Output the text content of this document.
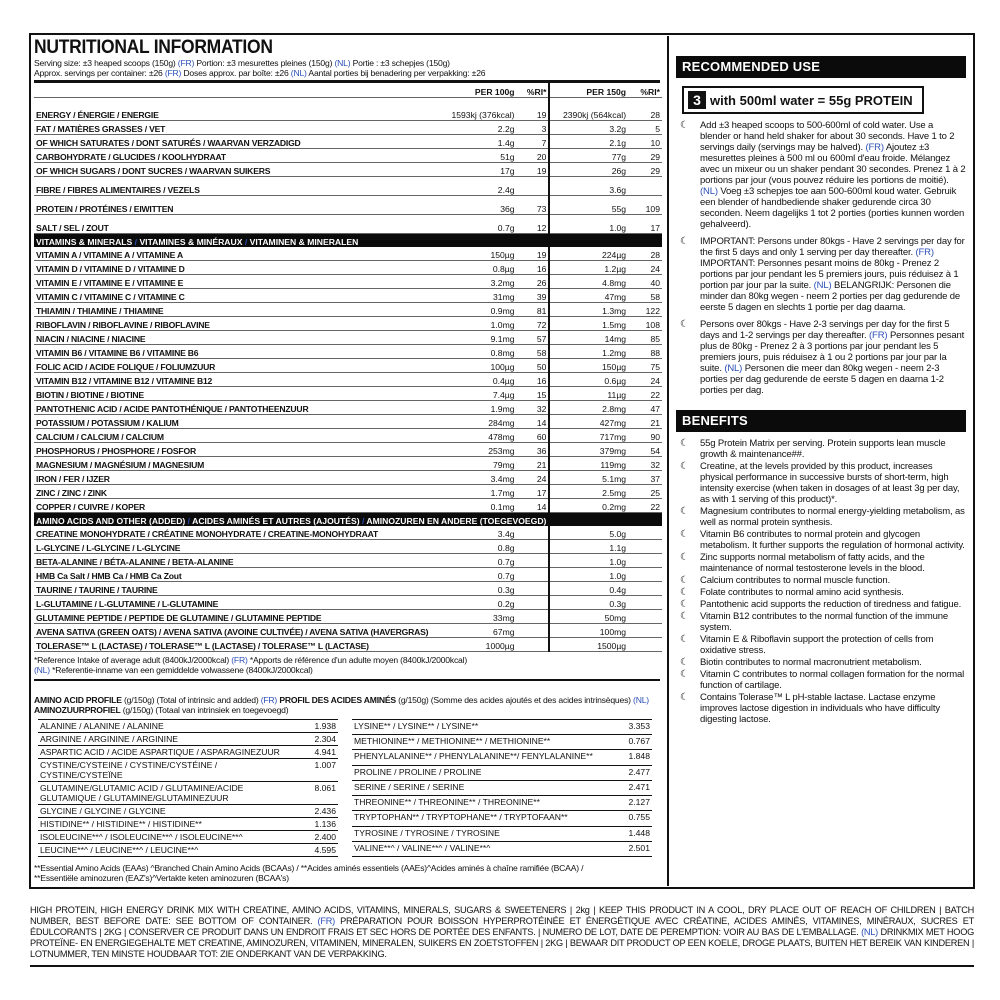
NUTRITIONAL INFORMATION
Serving size: ±3 heaped scoops (150g) (FR) Portion: ±3 mesurettes pleines (150g) (NL) Portie : ±3 schepjes (150g)
Approx. servings per container: ±26 (FR) Doses approx. par boîte: ±26 (NL) Aantal porties bij benadering per verpakking: ±26
	PER 100g	%RI*	PER 150g	%RI*
ENERGY / ÉNERGIE / ENERGIE	1593kj (376kcal)	19	2390kj (564kcal)	28
FAT / MATIÈRES GRASSES / VET	2.2g	3	3.2g	5
OF WHICH SATURATES / DONT SATURÉS / WAARVAN VERZADIGD	1.4g	7	2.1g	10
CARBOHYDRATE / GLUCIDES / KOOLHYDRAAT	51g	20	77g	29
OF WHICH SUGARS / DONT SUCRES / WAARVAN SUIKERS	17g	19	26g	29
FIBRE / FIBRES ALIMENTAIRES / VEZELS	2.4g		3.6g	
PROTEIN / PROTÉINES / EIWITTEN	36g	73	55g	109
SALT / SEL / ZOUT	0.7g	12	1.0g	17
VITAMINS & MINERALS / VITAMINES & MINÉRAUX / VITAMINEN & MINERALEN				
VITAMIN A / VITAMINE A / VITAMINE A	150µg	19	224µg	28
VITAMIN D / VITAMINE D / VITAMINE D	0.8µg	16	1.2µg	24
VITAMIN E / VITAMINE E / VITAMINE E	3.2mg	26	4.8mg	40
VITAMIN C / VITAMINE C / VITAMINE C	31mg	39	47mg	58
THIAMIN / THIAMINE / THIAMINE	0.9mg	81	1.3mg	122
RIBOFLAVIN / RIBOFLAVINE / RIBOFLAVINE	1.0mg	72	1.5mg	108
NIACIN / NIACINE / NIACINE	9.1mg	57	14mg	85
VITAMIN B6 / VITAMINE B6 / VITAMINE B6	0.8mg	58	1.2mg	88
FOLIC ACID / ACIDE FOLIQUE / FOLIUMZUUR	100µg	50	150µg	75
VITAMIN B12 / VITAMINE B12 / VITAMINE B12	0.4µg	16	0.6µg	24
BIOTIN / BIOTINE / BIOTINE	7.4µg	15	11µg	22
PANTOTHENIC ACID / ACIDE PANTOTHÉNIQUE / PANTOTHEENZUUR	1.9mg	32	2.8mg	47
POTASSIUM / POTASSIUM / KALIUM	284mg	14	427mg	21
CALCIUM / CALCIUM / CALCIUM	478mg	60	717mg	90
PHOSPHORUS / PHOSPHORE / FOSFOR	253mg	36	379mg	54
MAGNESIUM / MAGNÉSIUM / MAGNESIUM	79mg	21	119mg	32
IRON / FER / IJZER	3.4mg	24	5.1mg	37
ZINC / ZINC / ZINK	1.7mg	17	2.5mg	25
COPPER / CUIVRE / KOPER	0.1mg	14	0.2mg	22
AMINO ACIDS AND OTHER (ADDED) / ACIDES AMINÉS ET AUTRES (AJOUTÉS) / AMINOZUREN EN ANDERE (TOEGEVOEGD)				
CREATINE MONOHYDRATE / CRÉATINE MONOHYDRATE / CREATINE-MONOHYDRAAT	3.4g		5.0g	
L-GLYCINE / L-GLYCINE / L-GLYCINE	0.8g		1.1g	
BETA-ALANINE / BÉTA-ALANINE / BETA-ALANINE	0.7g		1.0g	
HMB Ca Salt / HMB Ca / HMB Ca Zout	0.7g		1.0g	
TAURINE / TAURINE / TAURINE	0.3g		0.4g	
L-GLUTAMINE / L-GLUTAMINE / L-GLUTAMINE	0.2g		0.3g	
GLUTAMINE PEPTIDE / PEPTIDE DE GLUTAMINE / GLUTAMINE PEPTIDE	33mg		50mg	
AVENA SATIVA (GREEN OATS) / AVENA SATIVA (AVOINE CULTIVÉE) / AVENA SATIVA (HAVERGRAS)	67mg		100mg	
TOLERASE™ L (LACTASE) / TOLERASE™ L (LACTASE) / TOLERASE™ L (LACTASE)	1000µg		1500µg	
*Reference Intake of average adult (8400kJ/2000kcal) (FR) *Apports de référence d'un adulte moyen (8400kJ/2000kcal)
(NL) *Referentie-inname van een gemiddelde volwassene (8400kJ/2000kcal)
AMINO ACID PROFILE (g/150g) (Total of intrinsic and added) (FR) PROFIL DES ACIDES AMINÉS (g/150g) (Somme des acides ajoutés et des acides intrinsèques) (NL) AMINOZUURPROFIEL (g/150g) (Totaal van intrinsiek en toegevoegd)
ALANINE / ALANINE / ALANINE	1.938
ARGININE / ARGININE / ARGININE	2.304
ASPARTIC ACID / ACIDE ASPARTIQUE / ASPARAGINEZUUR	4.941
CYSTINE/CYSTEINE / CYSTINE/CYSTÉINE / CYSTINE/CYSTEÏNE	1.007
GLUTAMINE/GLUTAMIC ACID / GLUTAMINE/ACIDE GLUTAMIQUE / GLUTAMINE/GLUTAMINEZUUR	8.061
GLYCINE / GLYCINE / GLYCINE	2.436
HISTIDINE** / HISTIDINE** / HISTIDINE**	1.136
ISOLEUCINE**^ / ISOLEUCINE**^ / ISOLEUCINE**^	2.400
LEUCINE**^ / LEUCINE**^ / LEUCINE**^	4.595
LYSINE** / LYSINE** / LYSINE**	3.353
METHIONINE** / METHIONINE** / METHIONINE**	0.767
PHENYLALANINE** / PHENYLALANINE**/ FENYLALANINE**	1.848
PROLINE / PROLINE / PROLINE	2.477
SERINE / SERINE / SERINE	2.471
THREONINE** / THREONINE** / THREONINE**	2.127
TRYPTOPHAN** / TRYPTOPHANE** / TRYPTOFAAN**	0.755
TYROSINE / TYROSINE / TYROSINE	1.448
VALINE**^ / VALINE**^ / VALINE**^	2.501
**Essential Amino Acids (EAAs) ^Branched Chain Amino Acids (BCAAs) / **Acides aminés essentiels (AAEs)^Acides aminés à chaîne ramifiée (BCAA) /
**Essentiële aminozuren (EAZ's)^Vertakte keten aminozuren (BCAA's)
RECOMMENDED USE
3 with 500ml water = 55g PROTEIN
☾ Add ±3 heaped scoops to 500-600ml of cold water. Use a blender or hand held shaker for about 30 seconds. Have 1 to 2 servings daily (servings may be halved). (FR) Ajoutez ±3 mesurettes pleines à 500 ml ou 600ml d'eau froide. Mélangez avec un mixeur ou un shaker pendant 30 secondes. Prenez 1 à 2 portions par jour (vous pouvez réduire les portions de moitié). (NL) Voeg ±3 schepjes toe aan 500-600ml koud water. Gebruik een blender of handbediende shaker gedurende circa 30 seconden. Neem dagelijks 1 tot 2 porties (porties kunnen worden gehalveerd).
☾ IMPORTANT: Persons under 80kgs - Have 2 servings per day for the first 5 days and only 1 serving per day thereafter. (FR) IMPORTANT: Personnes pesant moins de 80kg - Prenez 2 portions par jour pendant les 5 premiers jours, puis réduisez à 1 portion par jour par la suite. (NL) BELANGRIJK: Personen die minder dan 80kg wegen - neem 2 porties per dag gedurende de eerste 5 dagen en slechts 1 portie per dag daarna.
☾ Persons over 80kgs - Have 2-3 servings per day for the first 5 days and 1-2 servings per day thereafter. (FR) Personnes pesant plus de 80kg - Prenez 2 à 3 portions par jour pendant les 5 premiers jours, puis réduisez à 1 ou 2 portions par jour par la suite. (NL) Personen die meer dan 80kg wegen - neem 2-3 porties per dag gedurende de eerste 5 dagen en daarna 1-2 porties per dag.
BENEFITS
☾ 55g Protein Matrix per serving. Protein supports lean muscle growth & maintenance##.
☾ Creatine, at the levels provided by this product, increases physical performance in successive bursts of short-term, high intensity exercise (when taken in dosages of at least 3g per day, as with 1 serving of this product)*.
☾ Magnesium contributes to normal energy-yielding metabolism, as well as normal protein synthesis.
☾ Vitamin B6 contributes to normal protein and glycogen metabolism. It further supports the regulation of hormonal activity.
☾ Zinc supports normal metabolism of fatty acids, and the maintenance of normal testosterone levels in the blood.
☾ Calcium contributes to normal muscle function.
☾ Folate contributes to normal amino acid synthesis.
☾ Pantothenic acid supports the reduction of tiredness and fatigue.
☾ Vitamin B12 contributes to the normal function of the immune system.
☾ Vitamin E & Riboflavin support the protection of cells from oxidative stress.
☾ Biotin contributes to normal macronutrient metabolism.
☾ Vitamin C contributes to normal collagen formation for the normal function of cartilage.
☾ Contains Tolerase™ L pH-stable lactase. Lactase enzyme improves lactose digestion in individuals who have difficulty digesting lactose.
HIGH PROTEIN, HIGH ENERGY DRINK MIX WITH CREATINE, AMINO ACIDS, VITAMINS, MINERALS, SUGARS & SWEETENERS | 2kg | KEEP THIS PRODUCT IN A COOL, DRY PLACE OUT OF REACH OF CHILDREN | BATCH NUMBER, BEST BEFORE DATE: SEE BOTTOM OF CONTAINER. (FR) PRÉPARATION POUR BOISSON HYPERPROTÉINÉE ET ÉNERGÉTIQUE AVEC CRÉATINE, ACIDES AMINÉS, VITAMINES, MINÉRAUX, SUCRES ET ÉDULCORANTS | 2KG | CONSERVER CE PRODUIT DANS UN ENDROIT FRAIS ET SEC HORS DE PORTÉE DES ENFANTS. | NUMERO DE LOT, DATE DE PEREMPTION: VOIR AU BAS DE L'EMBALLAGE. (NL) DRINKMIX MET HOOG PROTEÏNE- EN ENERGIEGEHALTE MET CREATINE, AMINOZUREN, VITAMINEN, MINERALEN, SUIKERS EN ZOETSTOFFEN | 2KG | BEWAAR DIT PRODUCT OP EEN KOELE, DROGE PLAATS, BUITEN HET BEREIK VAN KINDEREN | LOTNUMMER, TEN MINSTE HOUDBAAR TOT: ZIE ONDERKANT VAN DE VERPAKKING.
